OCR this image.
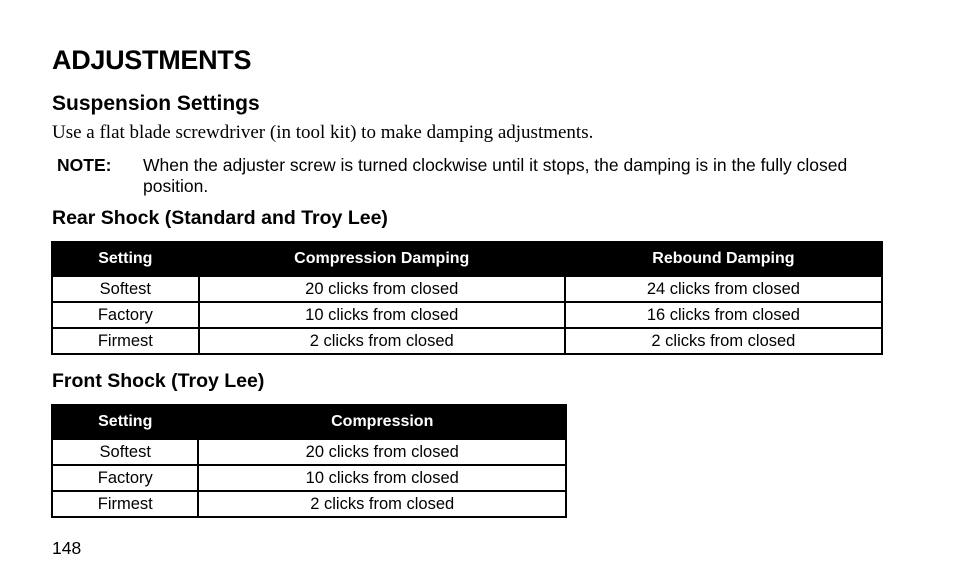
ADJUSTMENTS
Suspension Settings
Use a flat blade screwdriver (in tool kit) to make damping adjustments.
NOTE: When the adjuster screw is turned clockwise until it stops, the damping is in the fully closed position.
Rear Shock (Standard and Troy Lee)
Setting	Compression Damping	Rebound Damping
Softest	20 clicks from closed	24 clicks from closed
Factory	10 clicks from closed	16 clicks from closed
Firmest	2 clicks from closed	2 clicks from closed
Front Shock (Troy Lee)
Setting	Compression
Softest	20 clicks from closed
Factory	10 clicks from closed
Firmest	2 clicks from closed
148
